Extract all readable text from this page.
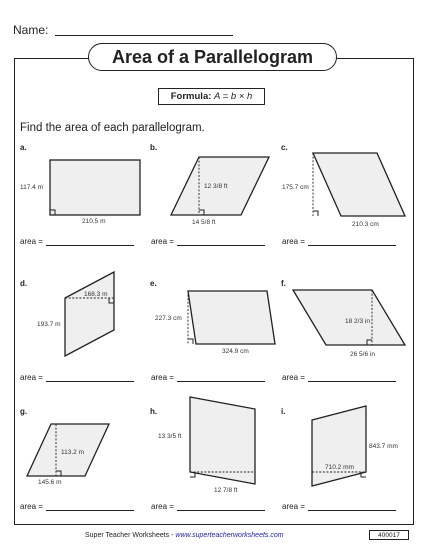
Name:
Area of a Parallelogram
Formula: A = b × h
Find the area of each parallelogram.
a.	b.	c.
d.	e.	f.
g.	h.	i.
area =	area =	area =
area =	area =	area =
area =	area =	area =
117.4 m
210.5 m
12 3/8 ft
14 5/8 ft
175.7 cm
210.3 cm
168.3 m
193.7 m
227.3 cm
324.9 cm
18 2/3 in
26 5/6 in
113.2 m
145.6 m
13 3/5 ft
12 7/8 ft
843.7 mm
710.2 mm
Super Teacher Worksheets - www.superteacherworksheets.com	400017
